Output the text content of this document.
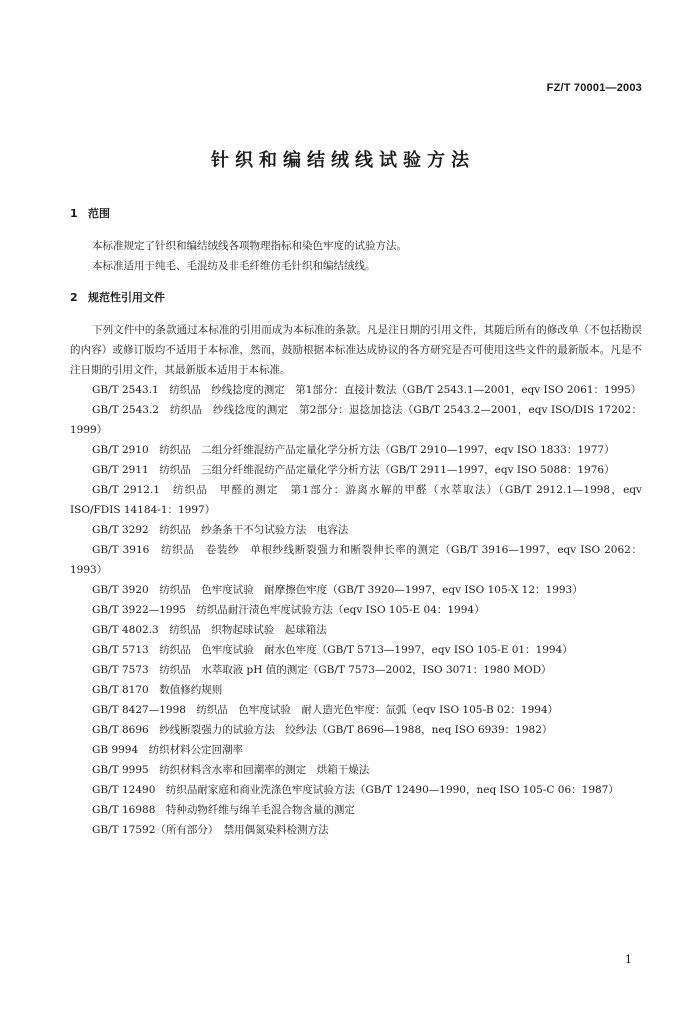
FZ/T 70001—2003
针织和编结绒线试验方法
1 范围

本标准规定了针织和编结绒线各项物理指标和染色牢度的试验方法。

本标准适用于纯毛、毛混纺及非毛纤维仿毛针织和编结绒线。

2 规范性引用文件

下列文件中的条款通过本标准的引用而成为本标准的条款。凡是注日期的引用文件，其随后所有的修改单（不包括勘误的内容）或修订版均不适用于本标准，然而，鼓励根据本标准达成协议的各方研究是否可使用这些文件的最新版本。凡是不注日期的引用文件，其最新版本适用于本标准。

GB/T 2543.1　纺织品　纱线捻度的测定　第1部分：直接计数法（GB/T 2543.1—2001，eqv ISO 2061：1995）
GB/T 2543.2　纺织品　纱线捻度的测定　第2部分：退捻加捻法（GB/T 2543.2—2001，eqv ISO/DIS 17202：1999）
GB/T 2910　纺织品　二组分纤维混纺产品定量化学分析方法（GB/T 2910—1997，eqv ISO 1833：1977）
GB/T 2911　纺织品　三组分纤维混纺产品定量化学分析方法（GB/T 2911—1997，eqv ISO 5088：1976）
GB/T 2912.1　纺织品　甲醛的测定　第1部分：游离水解的甲醛（水萃取法）（GB/T 2912.1—1998，eqv ISO/FDIS 14184-1：1997）
GB/T 3292　纺织品　纱条条干不匀试验方法　电容法
GB/T 3916　纺织品　卷装纱　单根纱线断裂强力和断裂伸长率的测定（GB/T 3916—1997，eqv ISO 2062：1993）
GB/T 3920　纺织品　色牢度试验　耐摩擦色牢度（GB/T 3920—1997，eqv ISO 105-X 12：1993）
GB/T 3922—1995　纺织品耐汗渍色牢度试验方法（eqv ISO 105-E 04：1994）
GB/T 4802.3　纺织品　织物起球试验　起球箱法
GB/T 5713　纺织品　色牢度试验　耐水色牢度（GB/T 5713—1997，eqv ISO 105-E 01：1994）
GB/T 7573　纺织品　水萃取液 pH 值的测定（GB/T 7573—2002，ISO 3071：1980 MOD）
GB/T 8170　数值修约规则
GB/T 8427—1998　纺织品　色牢度试验　耐人造光色牢度：氙弧（eqv ISO 105-B 02：1994）
GB/T 8696　纱线断裂强力的试验方法　绞纱法（GB/T 8696—1988，neq ISO 6939：1982）
GB 9994　纺织材料公定回潮率
GB/T 9995　纺织材料含水率和回潮率的测定　烘箱干燥法
GB/T 12490　纺织品耐家庭和商业洗涤色牢度试验方法（GB/T 12490—1990，neq ISO 105-C 06：1987）
GB/T 16988　特种动物纤维与绵羊毛混合物含量的测定
GB/T 17592（所有部分）　禁用偶氮染料检测方法
1
